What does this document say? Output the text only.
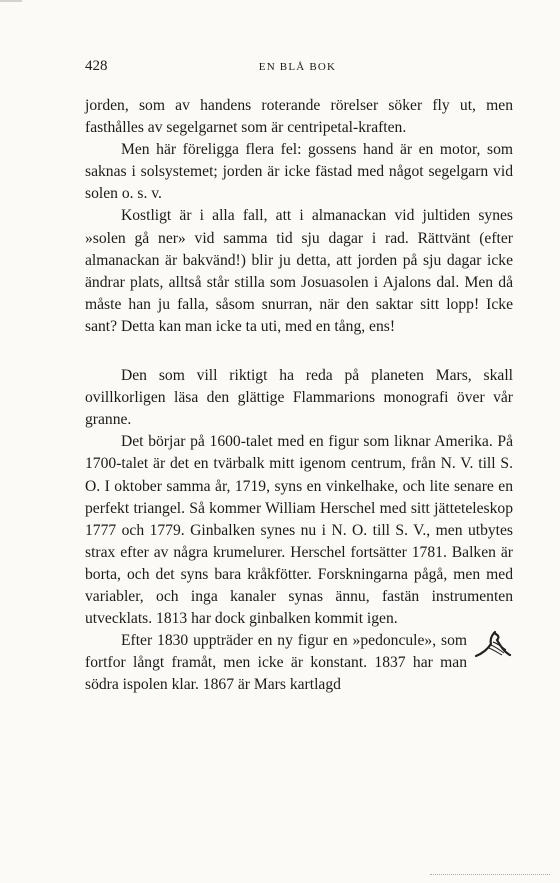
428	EN BLÅ BOK

jorden, som av handens roterande rörelser söker fly ut, men fasthålles av segelgarnet som är centripetal-kraften.

Men här föreligga flera fel: gossens hand är en motor, som saknas i solsystemet; jorden är icke fästad med något segelgarn vid solen o. s. v.

Kostligt är i alla fall, att i almanackan vid jultiden synes »solen gå ner» vid samma tid sju dagar i rad. Rättvänt (efter almanackan är bakvänd!) blir ju detta, att jorden på sju dagar icke ändrar plats, alltså står stilla som Josuasolen i Ajalons dal. Men då måste han ju falla, såsom snurran, när den saktar sitt lopp! Icke sant? Detta kan man icke ta uti, med en tång, ens!

Den som vill riktigt ha reda på planeten Mars, skall ovillkorligen läsa den glättige Flammarions monografi över vår granne.

Det börjar på 1600-talet med en figur som liknar Amerika. På 1700-talet är det en tvärbalk mitt igenom centrum, från N. V. till S. O. I oktober samma år, 1719, syns en vinkelhake, och lite senare en perfekt triangel. Så kommer William Herschel med sitt jätteteleskop 1777 och 1779. Ginbalken synes nu i N. O. till S. V., men utbytes strax efter av några krumelurer. Herschel fortsätter 1781. Balken är borta, och det syns bara kråkfötter. Forskningarna pågå, men med variabler, och inga kanaler synas ännu, fastän instrumenten utvecklats. 1813 har dock ginbalken kommit igen.

Efter 1830 uppträder en ny figur en »pedoncule», som fortfor långt framåt, men icke är konstant. 1837 har man södra ispolen klar. 1867 är Mars kartlagd
